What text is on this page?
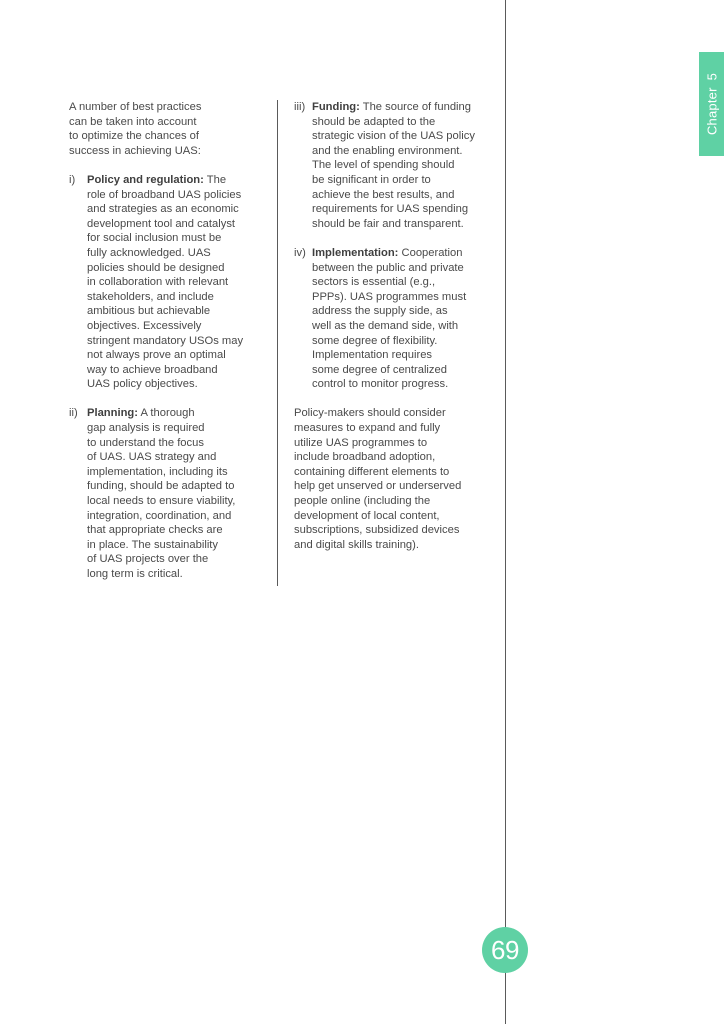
Chapter5

A number of best practices

can be taken into account

to optimize the chances of

success in achieving UAS:

i)	Policy and regulation: The

role of broadband UAS policies

and strategies as an economic

development tool and catalyst

for social inclusion must be

fully acknowledged. UAS

policies should be designed

in collaboration with relevant

stakeholders, and include

ambitious but achievable

objectives. Excessively

stringent mandatory USOs may

not always prove an optimal

way to achieve broadband

UAS policy objectives.

ii) Planning: A thorough

gap analysis is required

to understand the focus

of UAS. UAS strategy and

implementation, including its

funding, should be adapted to

local needs to ensure viability,

integration, coordination, and

that appropriate checks are

in place. The sustainability

of UAS projects over the

long term is critical.

iii) Funding: The source of funding

should be adapted to the

strategic vision of the UAS policy

and the enabling environment.

The level of spending should

be significant in order to

achieve the best results, and

requirements for UAS spending

should be fair and transparent.

iv) Implementation: Cooperation

between the public and private

sectors is essential (e.g.,

PPPs). UAS programmes must

address the supply side, as

well as the demand side, with

some degree of flexibility.

Implementation requires

some degree of centralized

control to monitor progress.

Policy-makers should consider

measures to expand and fully

utilize UAS programmes to

include broadband adoption,

containing different elements to

help get unserved or underserved

people online (including the

development of local content,

subscriptions, subsidized devices

and digital skills training).

69
